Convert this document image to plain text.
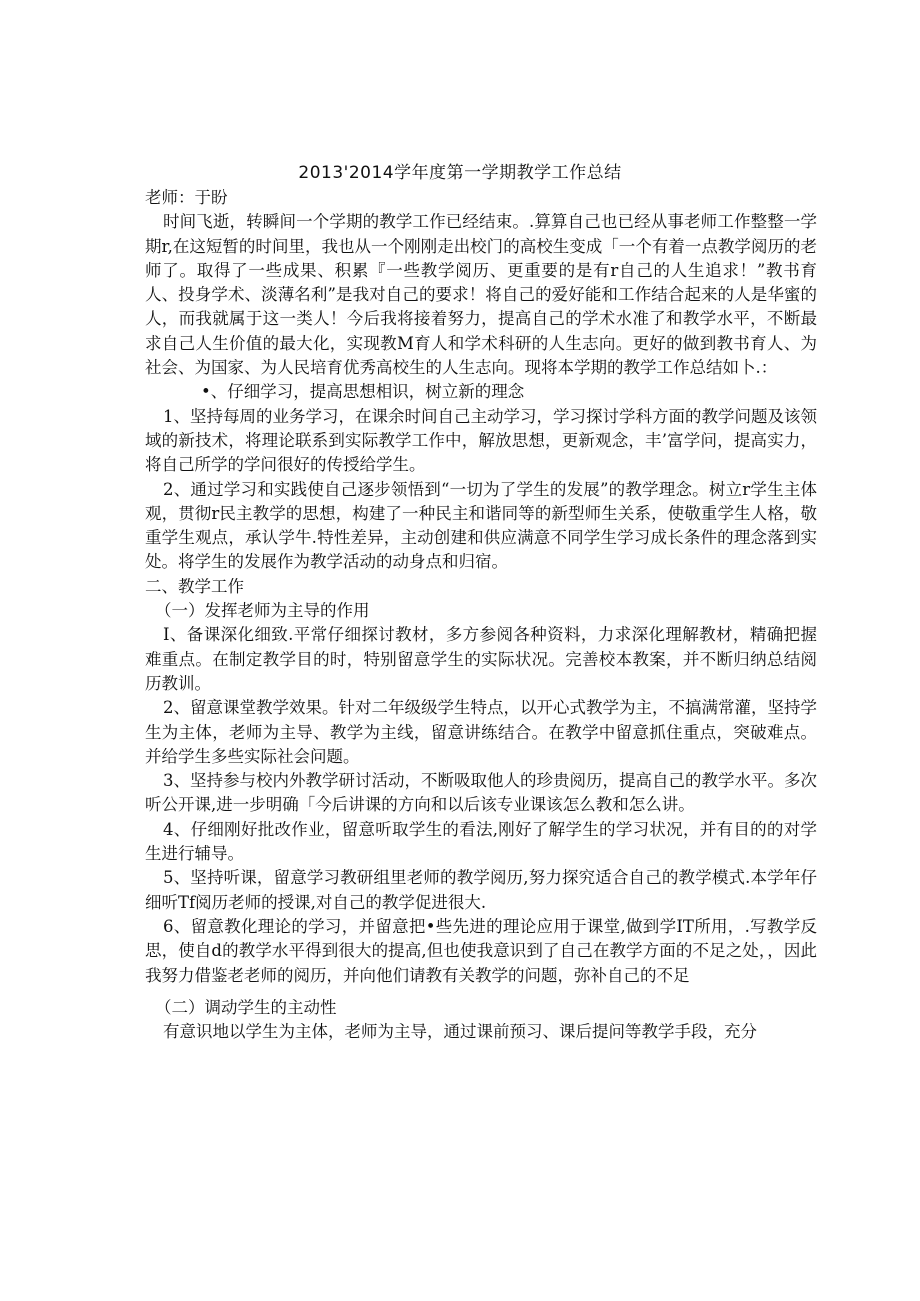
2013'2014学年度第一学期教学工作总结

老师：于盼

时间飞逝，转瞬间一个学期的教学工作已经结束。.算算自己也已经从事老师工作整整一学期r,在这短暂的时间里，我也从一个刚刚走出校门的高校生变成「一个有着一点教学阅历的老师了。取得了一些成果、积累『一些教学阅历、更重要的是有r自己的人生追求！”教书育人、投身学术、淡薄名利”是我对自己的要求！将自己的爱好能和工作结合起来的人是华蜜的人，而我就属于这一类人！今后我将接着努力，提高自己的学术水准了和教学水平，不断最求自己人生价值的最大化，实现教M育人和学术科研的人生志向。更好的做到教书育人、为社会、为国家、为人民培育优秀高校生的人生志向。现将本学期的教学工作总结如卜.：

•、仔细学习，提高思想相识，树立新的理念

1、坚持每周的业务学习，在课余时间自己主动学习，学习探讨学科方面的教学问题及该领域的新技术，将理论联系到实际教学工作中，解放思想，更新观念，丰’富学问，提高实力，将自己所学的学问很好的传授给学生。

2、通过学习和实践使自己逐步领悟到“一切为了学生的发展”的教学理念。树立r学生主体观，贯彻r民主教学的思想，构建了一种民主和谐同等的新型师生关系，使敬重学生人格，敬重学生观点，承认学牛.特性差异，主动创建和供应满意不同学生学习成长条件的理念落到实处。将学生的发展作为教学活动的动身点和归宿。

二、教学工作

（一）发挥老师为主导的作用

I、备课深化细致.平常仔细探讨教材，多方参阅各种资料，力求深化理解教材，精确把握难重点。在制定教学目的时，特别留意学生的实际状况。完善校本教案，并不断归纳总结阅历教训。

2、留意课堂教学效果。针对二年级级学生特点，以开心式教学为主，不搞满常灌，坚持学生为主体，老师为主导、教学为主线，留意讲练结合。在教学中留意抓住重点，突破难点。并给学生多些实际社会问题。

3、坚持参与校内外教学研讨活动，不断吸取他人的珍贵阅历，提高自己的教学水平。多次听公开课,进一步明确「今后讲课的方向和以后该专业课该怎么教和怎么讲。

4、仔细刚好批改作业，留意听取学生的看法,刚好了解学生的学习状况，并有目的的对学生进行辅导。

5、坚持听课，留意学习教研组里老师的教学阅历,努力探究适合自己的教学模式.本学年仔细听Tf阅历老师的授课,对自己的教学促进很大.

6、留意教化理论的学习，并留意把•些先进的理论应用于课堂,做到学IT所用，.写教学反思，使自d的教学水平得到很大的提高,但也使我意识到了自己在教学方面的不足之处，，因此我努力借鉴老老师的阅历，并向他们请教有关教学的问题，弥补自己的不足

（二）调动学生的主动性

有意识地以学生为主体，老师为主导，通过课前预习、课后提问等教学手段，充分
